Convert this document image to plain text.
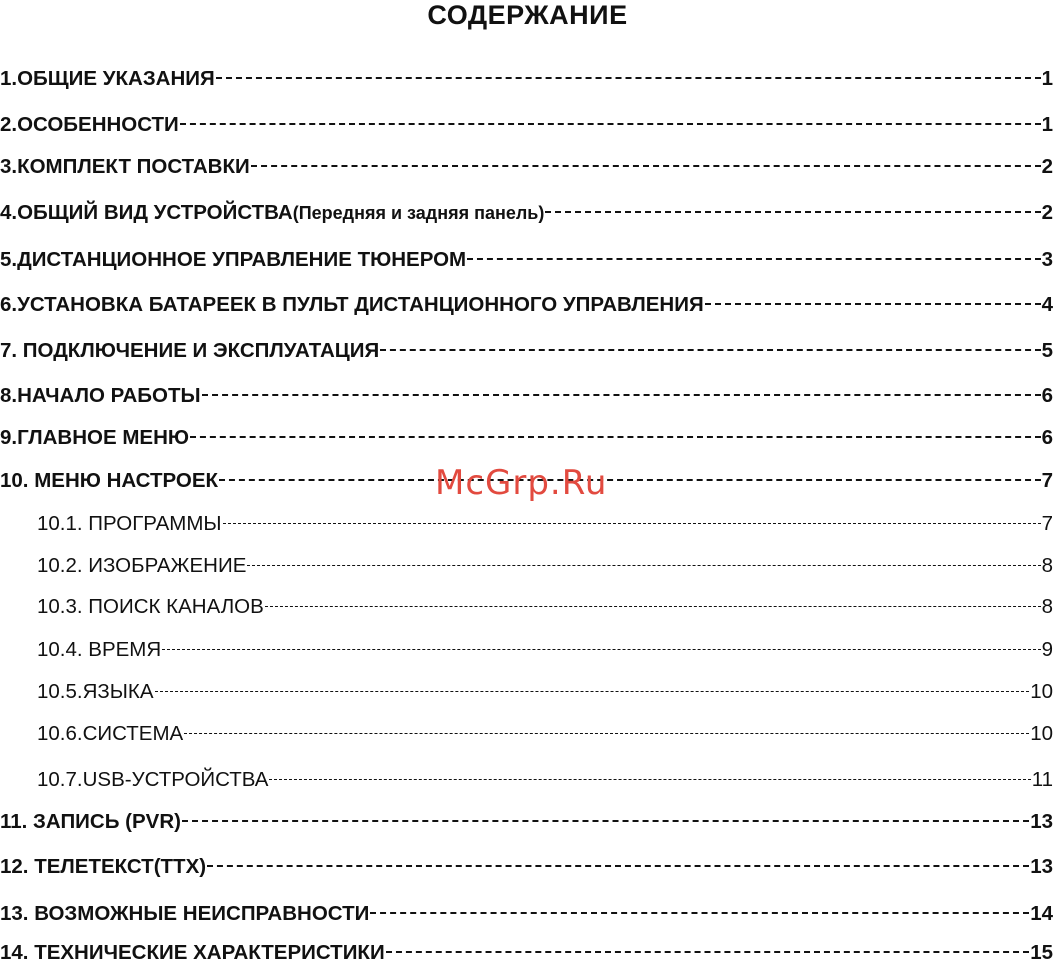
СОДЕРЖАНИЕ
1.ОБЩИЕ УКАЗАНИЯ	1
2.ОСОБЕННОСТИ	1
3.КОМПЛЕКТ ПОСТАВКИ	2
4.ОБЩИЙ ВИД УСТРОЙСТВА (Передняя и задняя панель)	2
5.ДИСТАНЦИОННОЕ УПРАВЛЕНИЕ ТЮНЕРОМ	3
6.УСТАНОВКА БАТАРЕЕК В ПУЛЬТ ДИСТАНЦИОННОГО УПРАВЛЕНИЯ	4
7. ПОДКЛЮЧЕНИЕ И ЭКСПЛУАТАЦИЯ	5
8.НАЧАЛО РАБОТЫ	6
9.ГЛАВНОЕ МЕНЮ	6
10. МЕНЮ НАСТРОЕК	7
10.1. ПРОГРАММЫ	7
10.2. ИЗОБРАЖЕНИЕ	8
10.3. ПОИСК КАНАЛОВ	8
10.4. ВРЕМЯ	9
10.5.ЯЗЫКА	10
10.6.СИСТЕМА	10
10.7.USB-УСТРОЙСТВА	11
11. ЗАПИСЬ (PVR)	13
12. ТЕЛЕТЕКСТ(TTX)	13
13. ВОЗМОЖНЫЕ НЕИСПРАВНОСТИ	14
14. ТЕХНИЧЕСКИЕ ХАРАКТЕРИСТИКИ	15
McGrp.Ru
